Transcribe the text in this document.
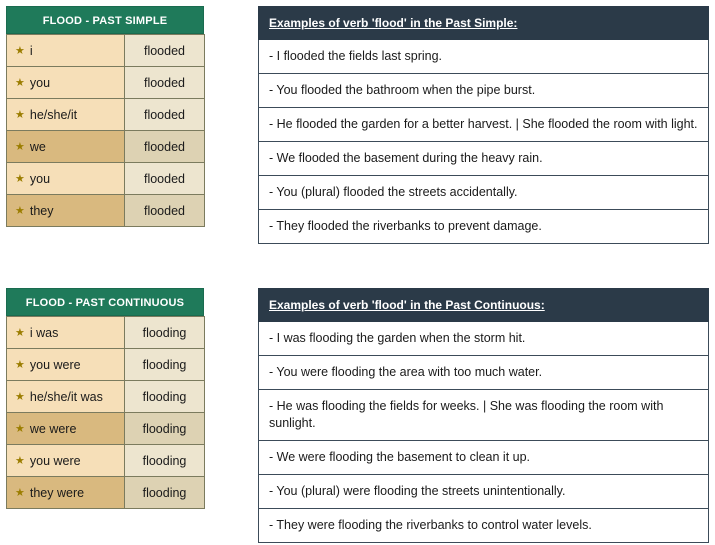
FLOOD - PAST SIMPLE
★ i	flooded
★ you	flooded
★ he/she/it	flooded
★ we	flooded
★ you	flooded
★ they	flooded
FLOOD - PAST CONTINUOUS
★ i was	flooding
★ you were	flooding
★ he/she/it was	flooding
★ we were	flooding
★ you were	flooding
★ they were	flooding
Examples of verb 'flood' in the Past Simple:
- I flooded the fields last spring.
- You flooded the bathroom when the pipe burst.
- He flooded the garden for a better harvest. | She flooded the room with light.
- We flooded the basement during the heavy rain.
- You (plural) flooded the streets accidentally.
- They flooded the riverbanks to prevent damage.
Examples of verb 'flood' in the Past Continuous:
- I was flooding the garden when the storm hit.
- You were flooding the area with too much water.
- He was flooding the fields for weeks. | She was flooding the room with sunlight.
- We were flooding the basement to clean it up.
- You (plural) were flooding the streets unintentionally.
- They were flooding the riverbanks to control water levels.
